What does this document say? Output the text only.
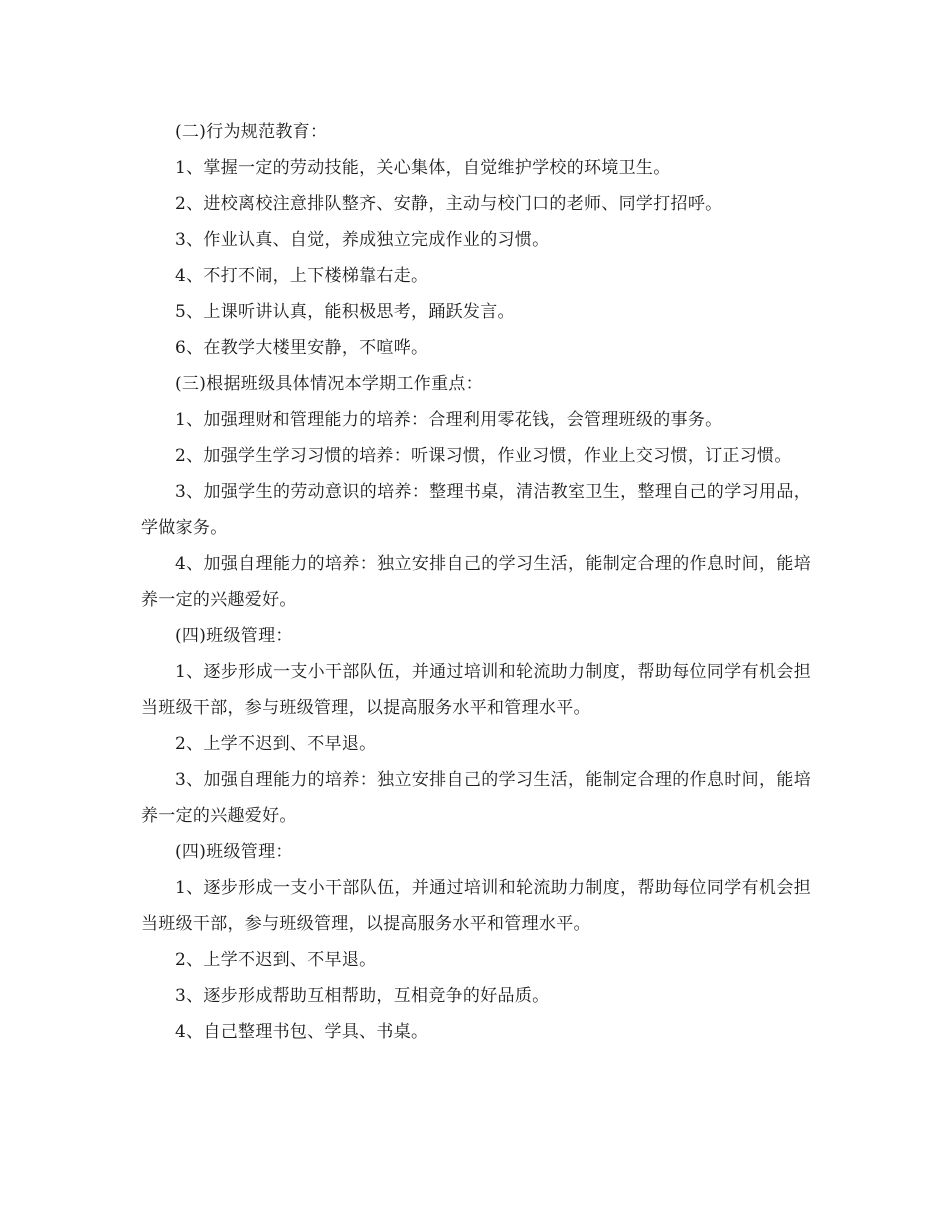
(二)行为规范教育：

1、掌握一定的劳动技能，关心集体，自觉维护学校的环境卫生。

2、进校离校注意排队整齐、安静，主动与校门口的老师、同学打招呼。

3、作业认真、自觉，养成独立完成作业的习惯。

4、不打不闹，上下楼梯靠右走。

5、上课听讲认真，能积极思考，踊跃发言。

6、在教学大楼里安静，不喧哗。

(三)根据班级具体情况本学期工作重点：

1、加强理财和管理能力的培养：合理利用零花钱，会管理班级的事务。

2、加强学生学习习惯的培养：听课习惯，作业习惯，作业上交习惯，订正习惯。

3、加强学生的劳动意识的培养：整理书桌，清洁教室卫生，整理自己的学习用品，学做家务。

4、加强自理能力的培养：独立安排自己的学习生活，能制定合理的作息时间，能培养一定的兴趣爱好。

(四)班级管理：

1、逐步形成一支小干部队伍，并通过培训和轮流助力制度，帮助每位同学有机会担当班级干部，参与班级管理，以提高服务水平和管理水平。

2、上学不迟到、不早退。

3、加强自理能力的培养：独立安排自己的学习生活，能制定合理的作息时间，能培养一定的兴趣爱好。

(四)班级管理：

1、逐步形成一支小干部队伍，并通过培训和轮流助力制度，帮助每位同学有机会担当班级干部，参与班级管理，以提高服务水平和管理水平。

2、上学不迟到、不早退。

3、逐步形成帮助互相帮助，互相竞争的好品质。

4、自己整理书包、学具、书桌。
